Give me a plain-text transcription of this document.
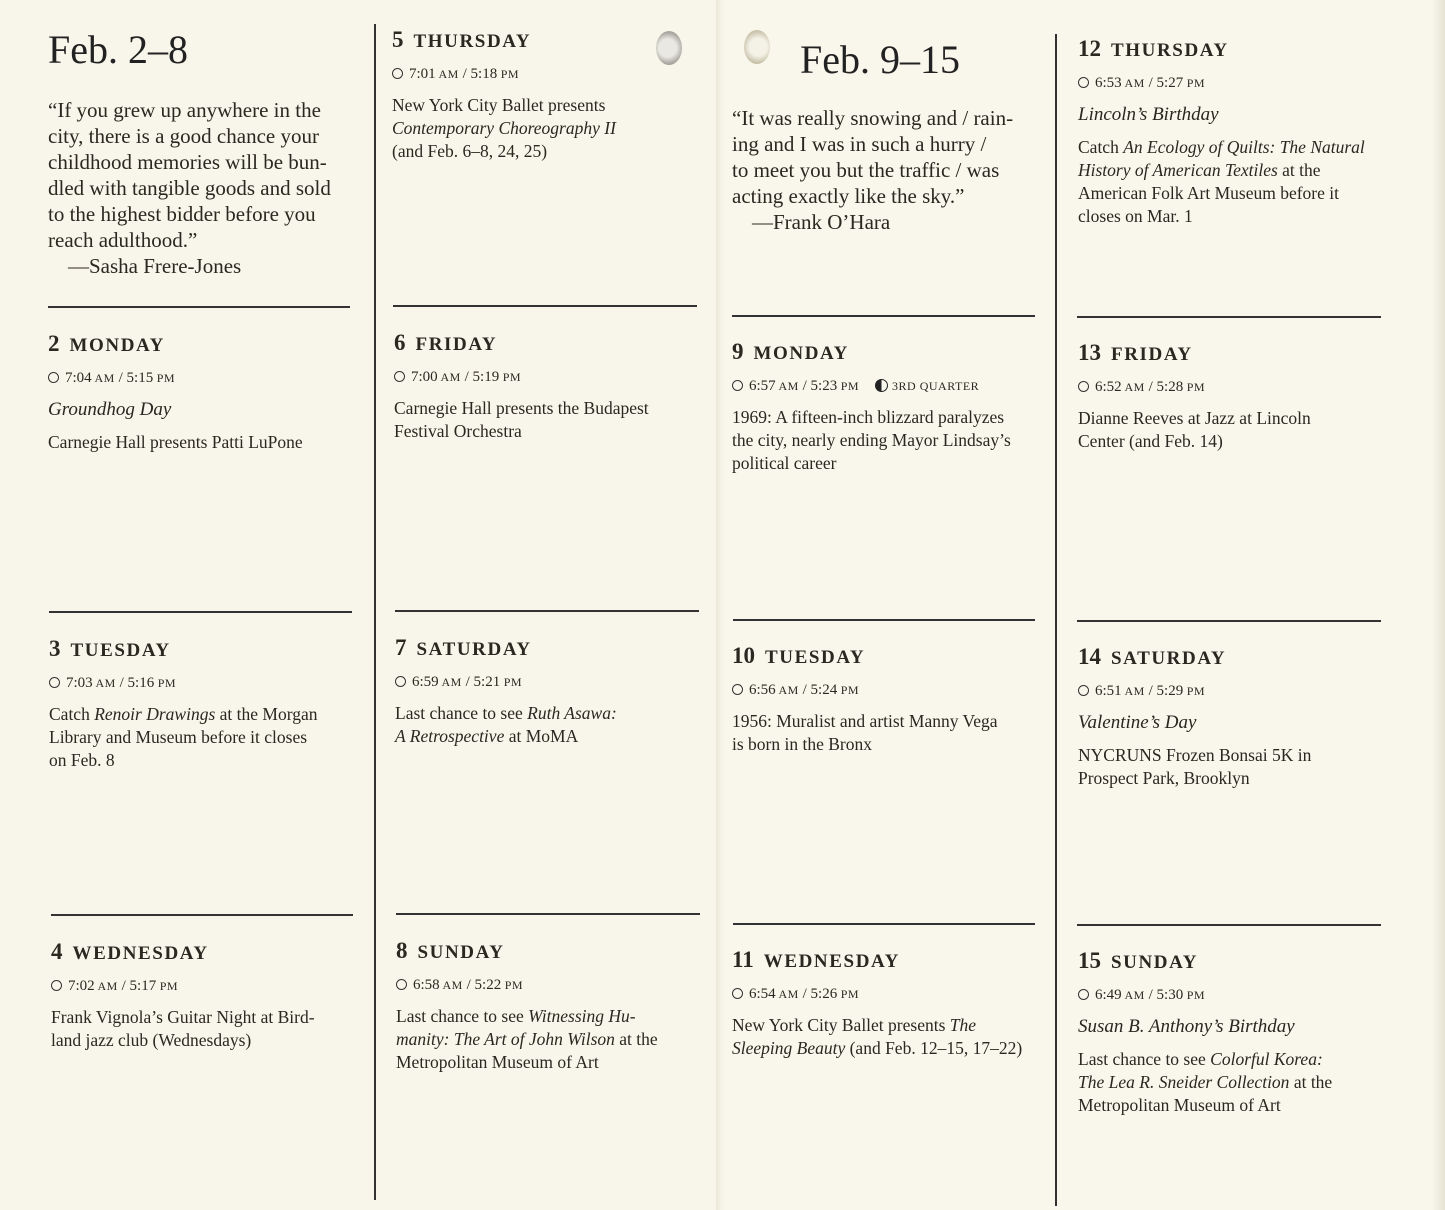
Feb. 2–8	Feb. 9–15
“If you grew up anywhere in the
city, there is a good chance your
childhood memories will be bun-
dled with tangible goods and sold
to the highest bidder before you
reach adulthood.”
—Sasha Frere-Jones
“It was really snowing and / rain-
ing and I was in such a hurry /
to meet you but the traffic / was
acting exactly like the sky.”
—Frank O’Hara
5 THURSDAY
7:01 AM / 5:18 PM

New York City Ballet presents
Contemporary Choreography II
(and Feb. 6–8, 24, 25)

2 MONDAY
7:04 AM / 5:15 PM

Groundhog Day

Carnegie Hall presents Patti LuPone

6 FRIDAY
7:00 AM / 5:19 PM

Carnegie Hall presents the Budapest
Festival Orchestra

3 TUESDAY
7:03 AM / 5:16 PM

Catch Renoir Drawings at the Morgan
Library and Museum before it closes
on Feb. 8

7 SATURDAY
6:59 AM / 5:21 PM

Last chance to see Ruth Asawa:
A Retrospective at MoMA

4 WEDNESDAY
7:02 AM / 5:17 PM

Frank Vignola’s Guitar Night at Bird-
land jazz club (Wednesdays)

8 SUNDAY
6:58 AM / 5:22 PM

Last chance to see Witnessing Hu-
manity: The Art of John Wilson at the
Metropolitan Museum of Art

12 THURSDAY
6:53 AM / 5:27 PM

Lincoln’s Birthday

Catch An Ecology of Quilts: The Natural
History of American Textiles at the
American Folk Art Museum before it
closes on Mar. 1

9 MONDAY
6:57 AM / 5:23 PM	3RD QUARTER

1969: A fifteen-inch blizzard paralyzes
the city, nearly ending Mayor Lindsay’s
political career

13 FRIDAY
6:52 AM / 5:28 PM

Dianne Reeves at Jazz at Lincoln
Center (and Feb. 14)

10 TUESDAY
6:56 AM / 5:24 PM

1956: Muralist and artist Manny Vega
is born in the Bronx

14 SATURDAY
6:51 AM / 5:29 PM

Valentine’s Day

NYCRUNS Frozen Bonsai 5K in
Prospect Park, Brooklyn

11 WEDNESDAY
6:54 AM / 5:26 PM

New York City Ballet presents The
Sleeping Beauty (and Feb. 12–15, 17–22)

15 SUNDAY
6:49 AM / 5:30 PM

Susan B. Anthony’s Birthday

Last chance to see Colorful Korea:
The Lea R. Sneider Collection at the
Metropolitan Museum of Art
